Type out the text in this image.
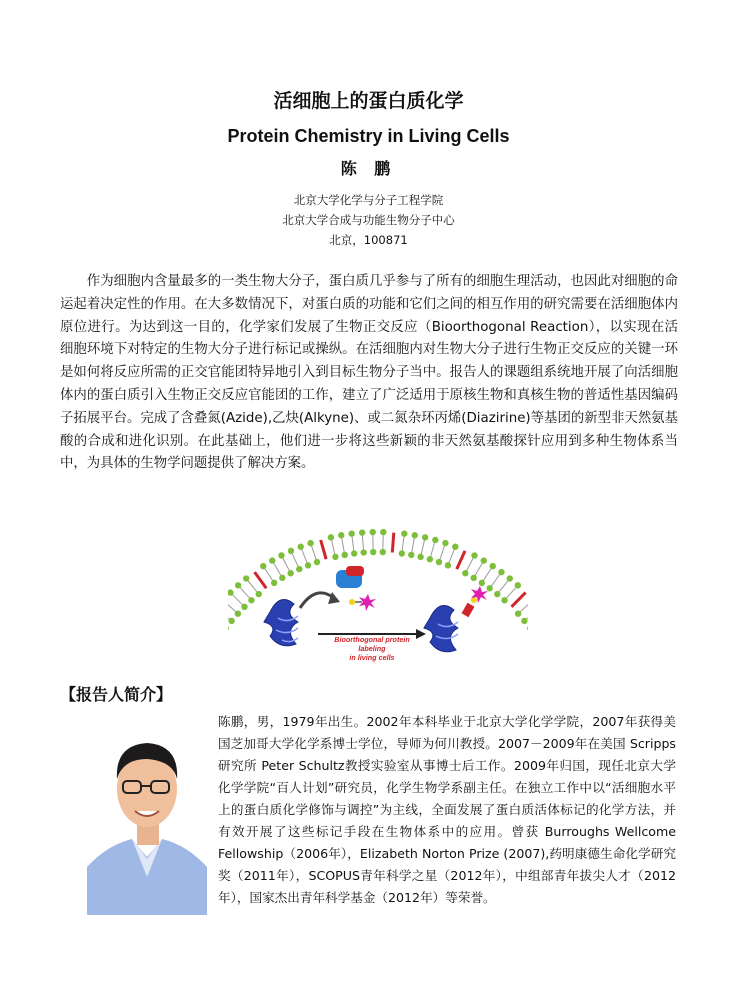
活细胞上的蛋白质化学
Protein Chemistry in Living Cells
陈 鹏
北京大学化学与分子工程学院
北京大学合成与功能生物分子中心
北京，100871
作为细胞内含量最多的一类生物大分子，蛋白质几乎参与了所有的细胞生理活动，也因此对细胞的命运起着决定性的作用。在大多数情况下，对蛋白质的功能和它们之间的相互作用的研究需要在活细胞体内原位进行。为达到这一目的，化学家们发展了生物正交反应（Bioorthogonal Reaction），以实现在活细胞环境下对特定的生物大分子进行标记或操纵。在活细胞内对生物大分子进行生物正交反应的关键一环是如何将反应所需的正交官能团特异地引入到目标生物分子当中。报告人的课题组系统地开展了向活细胞体内的蛋白质引入生物正交反应官能团的工作，建立了广泛适用于原核生物和真核生物的普适性基因编码子拓展平台。完成了含叠氮(Azide),乙炔(Alkyne)、或二氮杂环丙烯(Diazirine)等基团的新型非天然氨基酸的合成和进化识别。在此基础上，他们进一步将这些新颖的非天然氨基酸探针应用到多种生物体系当中，为具体的生物学问题提供了解决方案。
Bioorthogonal protein
labeling
in living cells
【报告人简介】
陈鹏，男，1979年出生。2002年本科毕业于北京大学化学学院，2007年获得美国芝加哥大学化学系博士学位，导师为何川教授。2007－2009年在美国 Scripps研究所 Peter Schultz教授实验室从事博士后工作。2009年归国，现任北京大学化学学院“百人计划”研究员，化学生物学系副主任。在独立工作中以“活细胞水平上的蛋白质化学修饰与调控”为主线，全面发展了蛋白质活体标记的化学方法，并有效开展了这些标记手段在生物体系中的应用。曾获 Burroughs Wellcome Fellowship（2006年），Elizabeth Norton Prize (2007),药明康德生命化学研究奖（2011年），SCOPUS青年科学之星（2012年），中组部青年拔尖人才（2012年），国家杰出青年科学基金（2012年）等荣誉。
